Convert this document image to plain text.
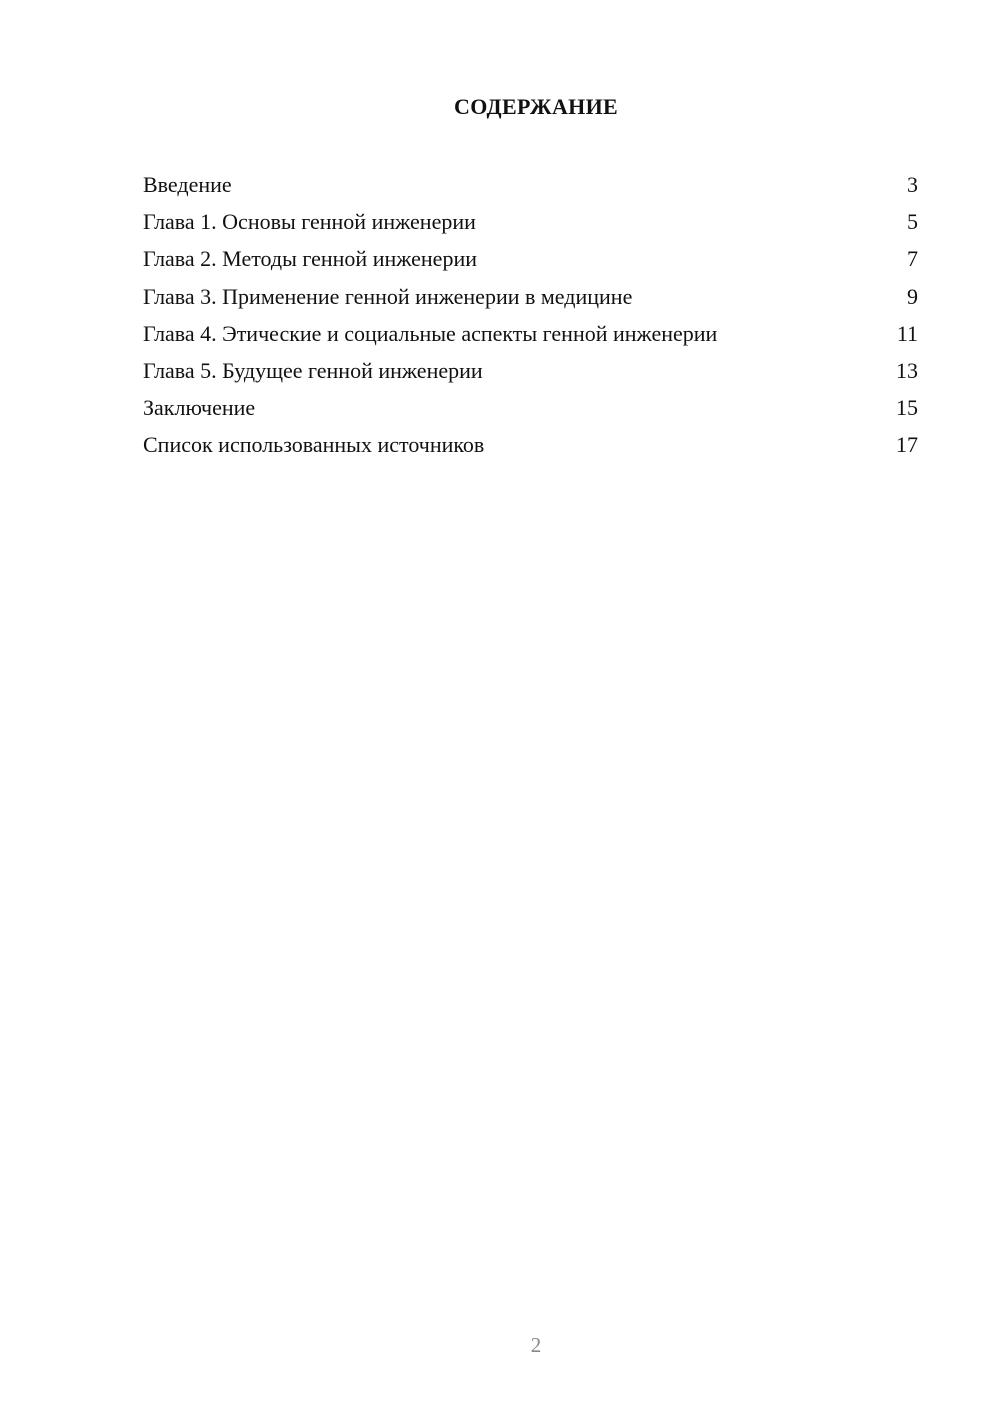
СОДЕРЖАНИЕ
Введение	3
Глава 1. Основы генной инженерии	5
Глава 2. Методы генной инженерии	7
Глава 3. Применение генной инженерии в медицине	9
Глава 4. Этические и социальные аспекты генной инженерии	11
Глава 5. Будущее генной инженерии	13
Заключение	15
Список использованных источников	17
2
